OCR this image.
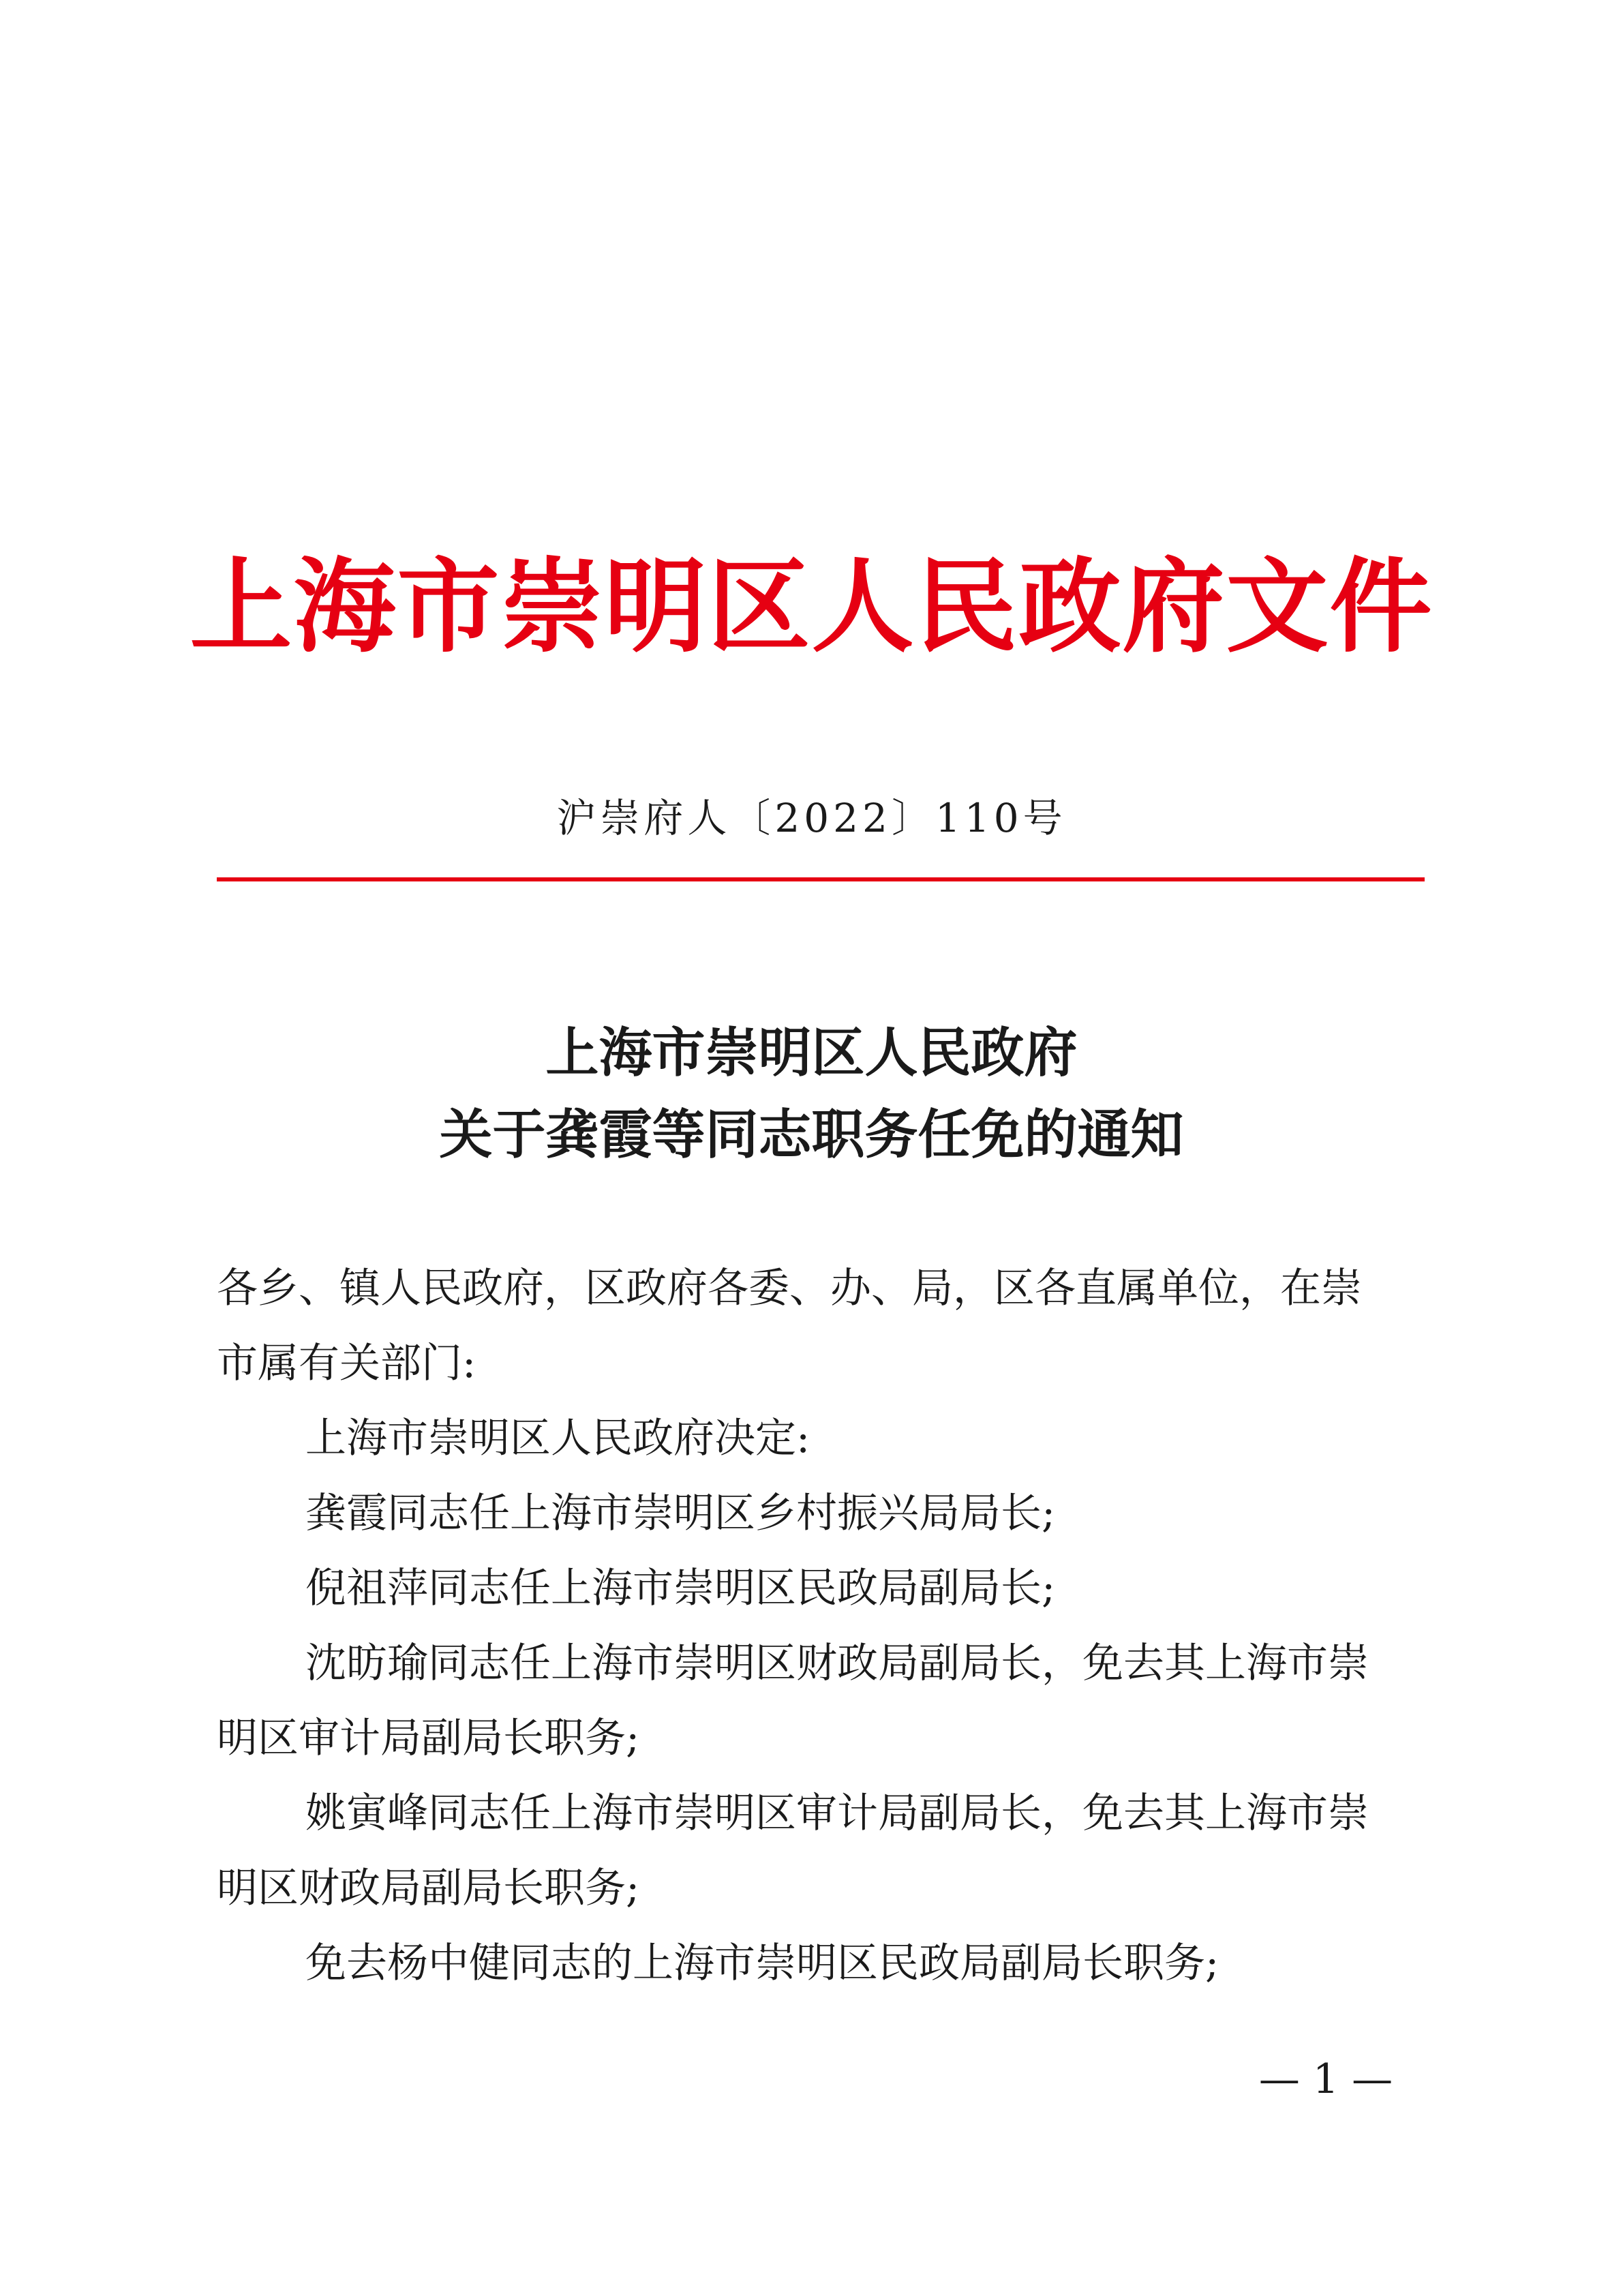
上海市崇明区人民政府文件
沪崇府人〔2022〕110号
上海市崇明区人民政府
关于龚霞等同志职务任免的通知
各乡、镇人民政府，区政府各委、办、局，区各直属单位，在崇
市属有关部门:
上海市崇明区人民政府决定:
龚霞同志任上海市崇明区乡村振兴局局长;
倪祖萍同志任上海市崇明区民政局副局长;
沈昉瑜同志任上海市崇明区财政局副局长，免去其上海市崇
明区审计局副局长职务;
姚寅峰同志任上海市崇明区审计局副局长，免去其上海市崇
明区财政局副局长职务;
免去杨中健同志的上海市崇明区民政局副局长职务;
— 1 —
